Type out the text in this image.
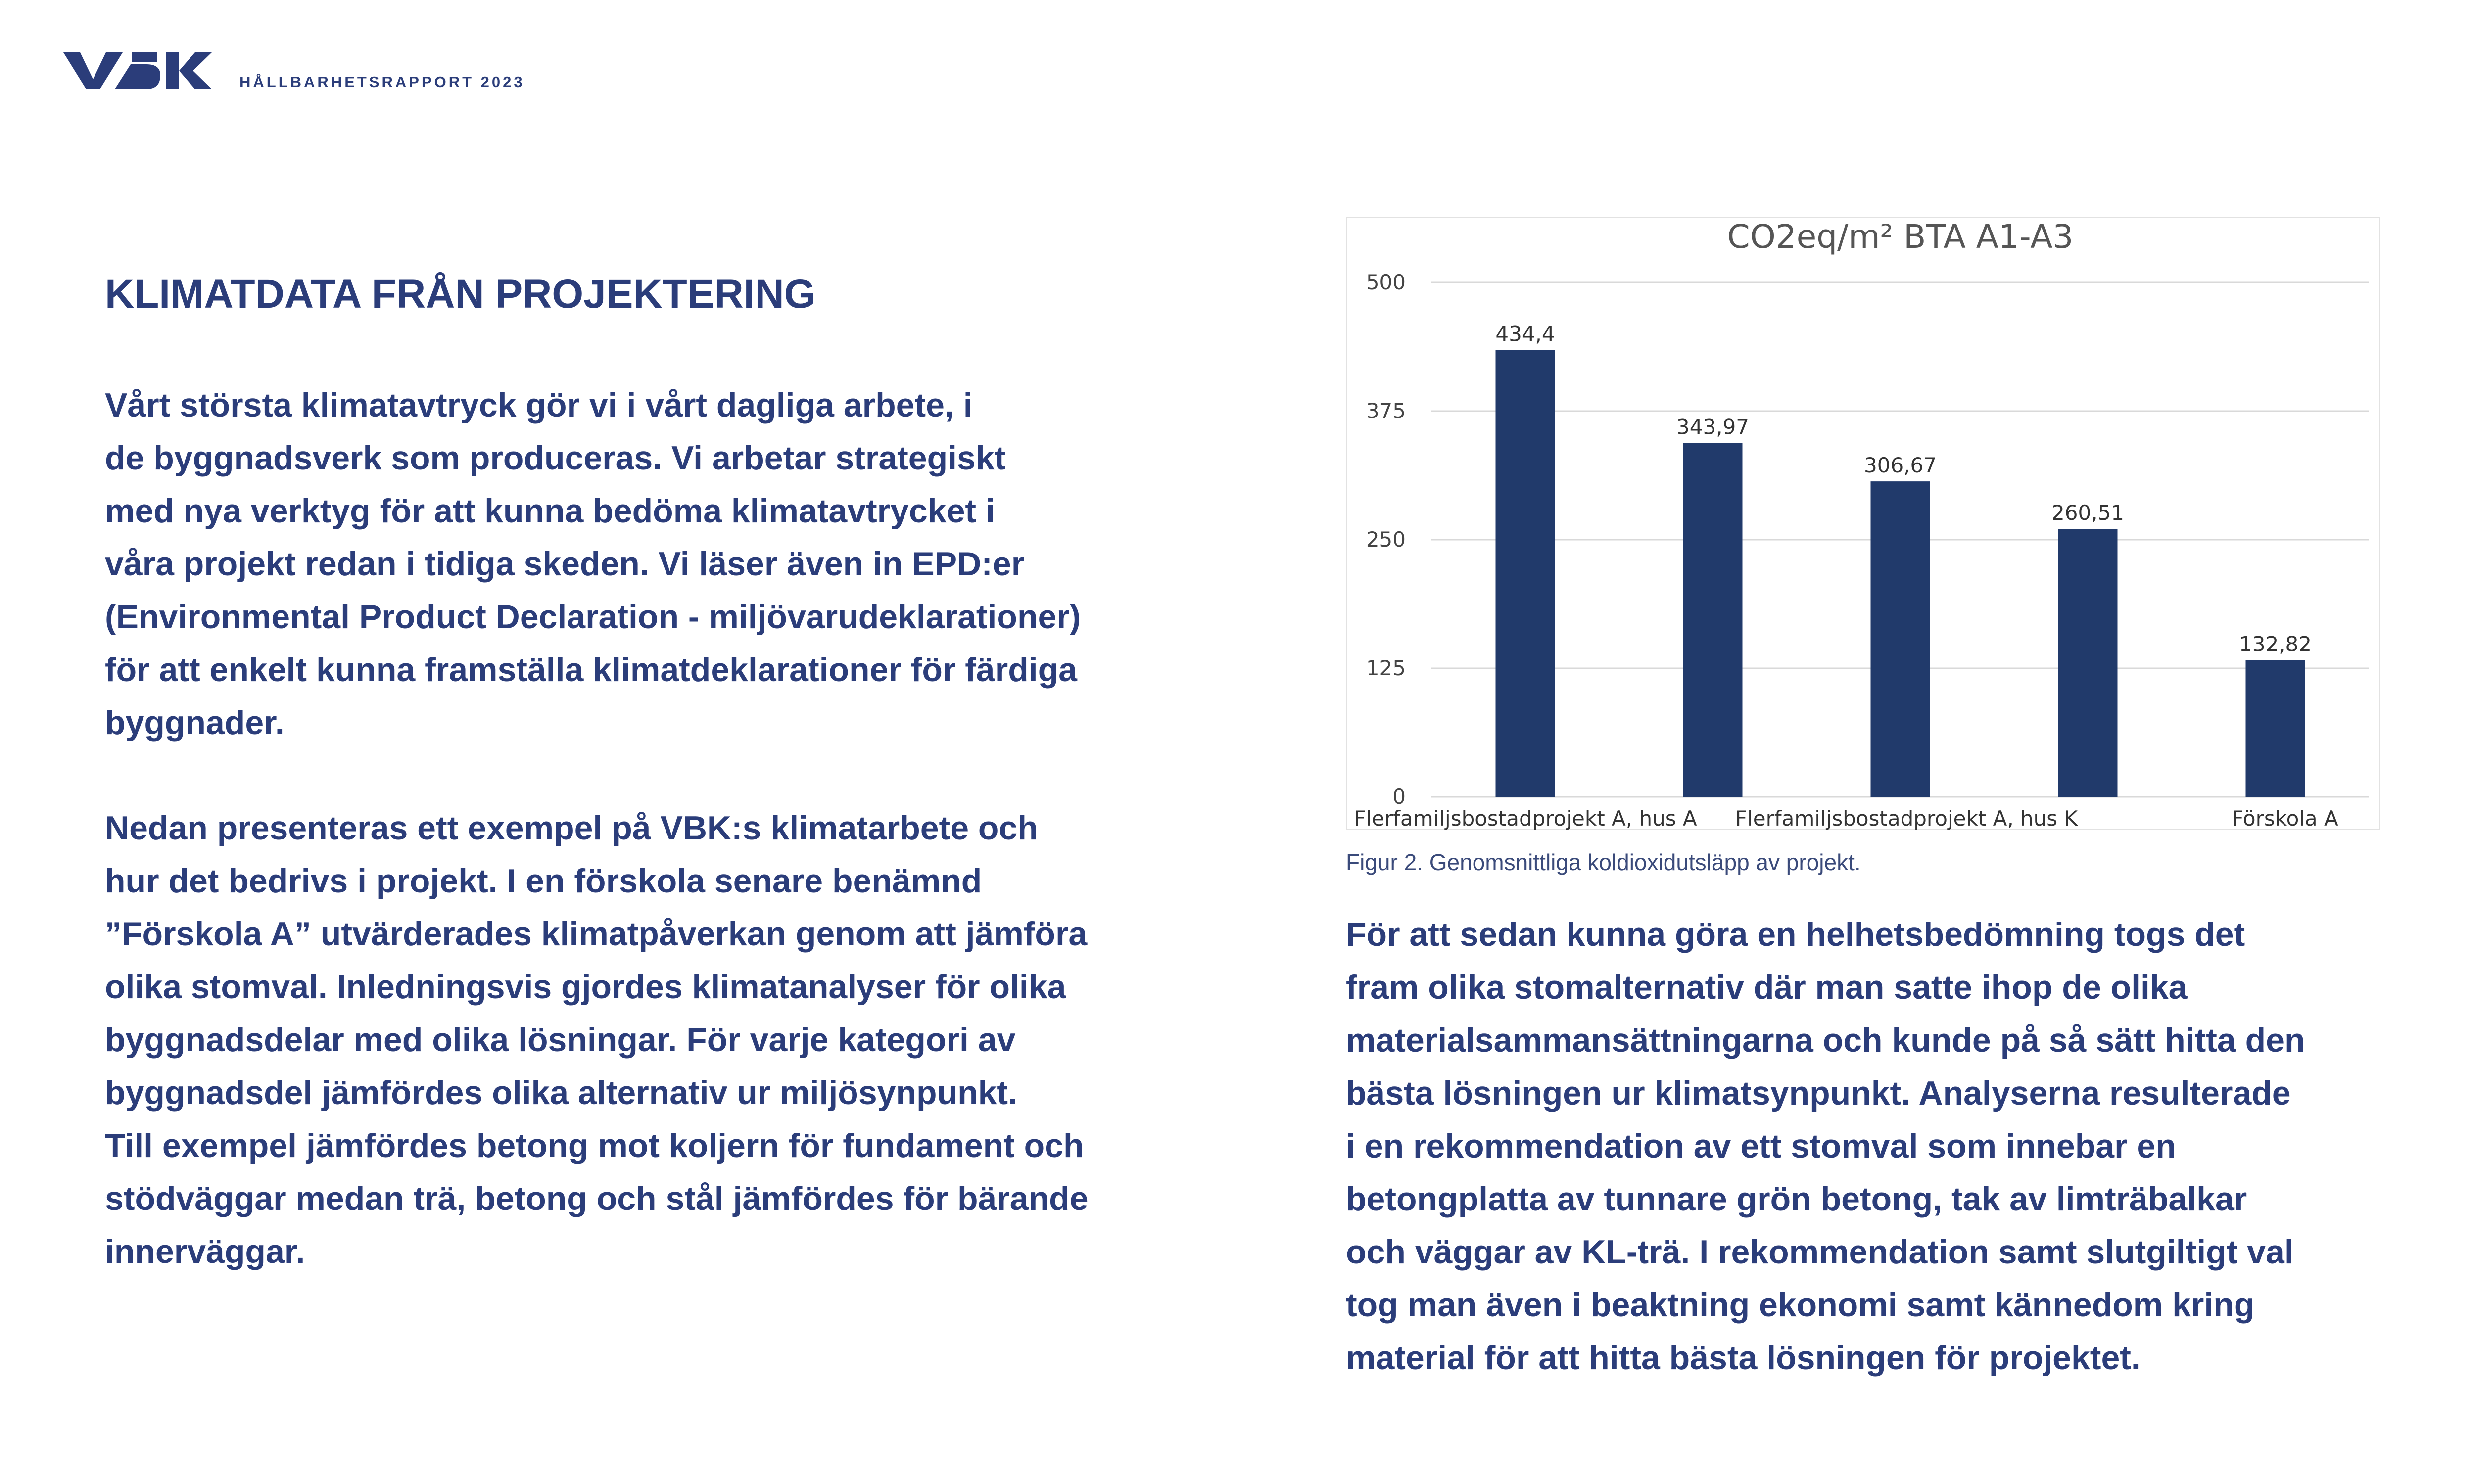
HÅLLBARHETSRAPPORT 2023
KLIMATDATA FRÅN PROJEKTERING
Vårt största klimatavtryck gör vi i vårt dagliga arbete, i
de byggnadsverk som produceras. Vi arbetar strategiskt
med nya verktyg för att kunna bedöma klimatavtrycket i
våra projekt redan i tidiga skeden. Vi läser även in EPD:er
(Environmental Product Declaration - miljövarudeklarationer)
för att enkelt kunna framställa klimatdeklarationer för färdiga
byggnader.
Nedan presenteras ett exempel på VBK:s klimatarbete och
hur det bedrivs i projekt. I en förskola senare benämnd
”Förskola A” utvärderades klimatpåverkan genom att jämföra
olika stomval. Inledningsvis gjordes klimatanalyser för olika
byggnadsdelar med olika lösningar. För varje kategori av
byggnadsdel jämfördes olika alternativ ur miljösynpunkt.
Till exempel jämfördes betong mot koljern för fundament och
stödväggar medan trä, betong och stål jämfördes för bärande
innerväggar.
CO2eq/m² BTA A1-A3
0
125
250
375
500
434,4
343,97
306,67
260,51
132,82
Flerfamiljsbostadprojekt A, hus A Flerfamiljsbostadprojekt A, hus K	Förskola A
Figur 2. Genomsnittliga koldioxidutsläpp av projekt.
För att sedan kunna göra en helhetsbedömning togs det
fram olika stomalternativ där man satte ihop de olika
materialsammansättningarna och kunde på så sätt hitta den
bästa lösningen ur klimatsynpunkt. Analyserna resulterade
i en rekommendation av ett stomval som innebar en
betongplatta av tunnare grön betong, tak av limträbalkar
och väggar av KL-trä. I rekommendation samt slutgiltigt val
tog man även i beaktning ekonomi samt kännedom kring
material för att hitta bästa lösningen för projektet.
